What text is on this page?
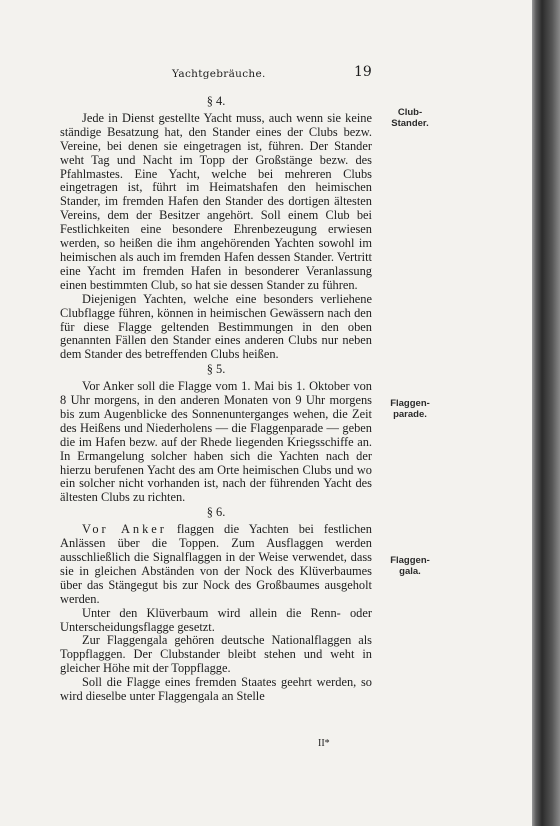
Yachtgebräuche.	19
§ 4.

Jede in Dienst gestellte Yacht muss, auch wenn sie keine ständige Besatzung hat, den Stander eines der Clubs bezw. Vereine, bei denen sie eingetragen ist, führen. Der Stander weht Tag und Nacht im Topp der Großstänge bezw. des Pfahlmastes. Eine Yacht, welche bei mehreren Clubs eingetragen ist, führt im Heimatshafen den heimischen Stander, im fremden Hafen den Stander des dortigen ältesten Vereins, dem der Besitzer angehört. Soll einem Club bei Festlichkeiten eine besondere Ehrenbezeugung erwiesen werden, so heißen die ihm angehörenden Yachten sowohl im heimischen als auch im fremden Hafen dessen Stander. Vertritt eine Yacht im fremden Hafen in besonderer Veranlassung einen bestimmten Club, so hat sie dessen Stander zu führen.

Diejenigen Yachten, welche eine besonders verliehene Clubflagge führen, können in heimischen Gewässern nach den für diese Flagge geltenden Bestimmungen in den oben genannten Fällen den Stander eines anderen Clubs nur neben dem Stander des betreffenden Clubs heißen.

§ 5.

Vor Anker soll die Flagge vom 1. Mai bis 1. Oktober von 8 Uhr morgens, in den anderen Monaten von 9 Uhr morgens bis zum Augenblicke des Sonnenunterganges wehen, die Zeit des Heißens und Niederholens — die Flaggenparade — geben die im Hafen bezw. auf der Rhede liegenden Kriegsschiffe an. In Ermangelung solcher haben sich die Yachten nach der hierzu berufenen Yacht des am Orte heimischen Clubs und wo ein solcher nicht vorhanden ist, nach der führenden Yacht des ältesten Clubs zu richten.

§ 6.

Vor Anker flaggen die Yachten bei festlichen Anlässen über die Toppen. Zum Ausflaggen werden ausschließlich die Signalflaggen in der Weise verwendet, dass sie in gleichen Abständen von der Nock des Klüverbaumes über das Stängegut bis zur Nock des Großbaumes ausgeholt werden.

Unter den Klüverbaum wird allein die Renn- oder Unterscheidungsflagge gesetzt.

Zur Flaggengala gehören deutsche Nationalflaggen als Toppflaggen. Der Clubstander bleibt stehen und weht in gleicher Höhe mit der Toppflagge.

Soll die Flagge eines fremden Staates geehrt werden, so wird dieselbe unter Flaggengala an Stelle

Club-Stander.
Flaggen-parade.
Flaggen-gala.
II*
